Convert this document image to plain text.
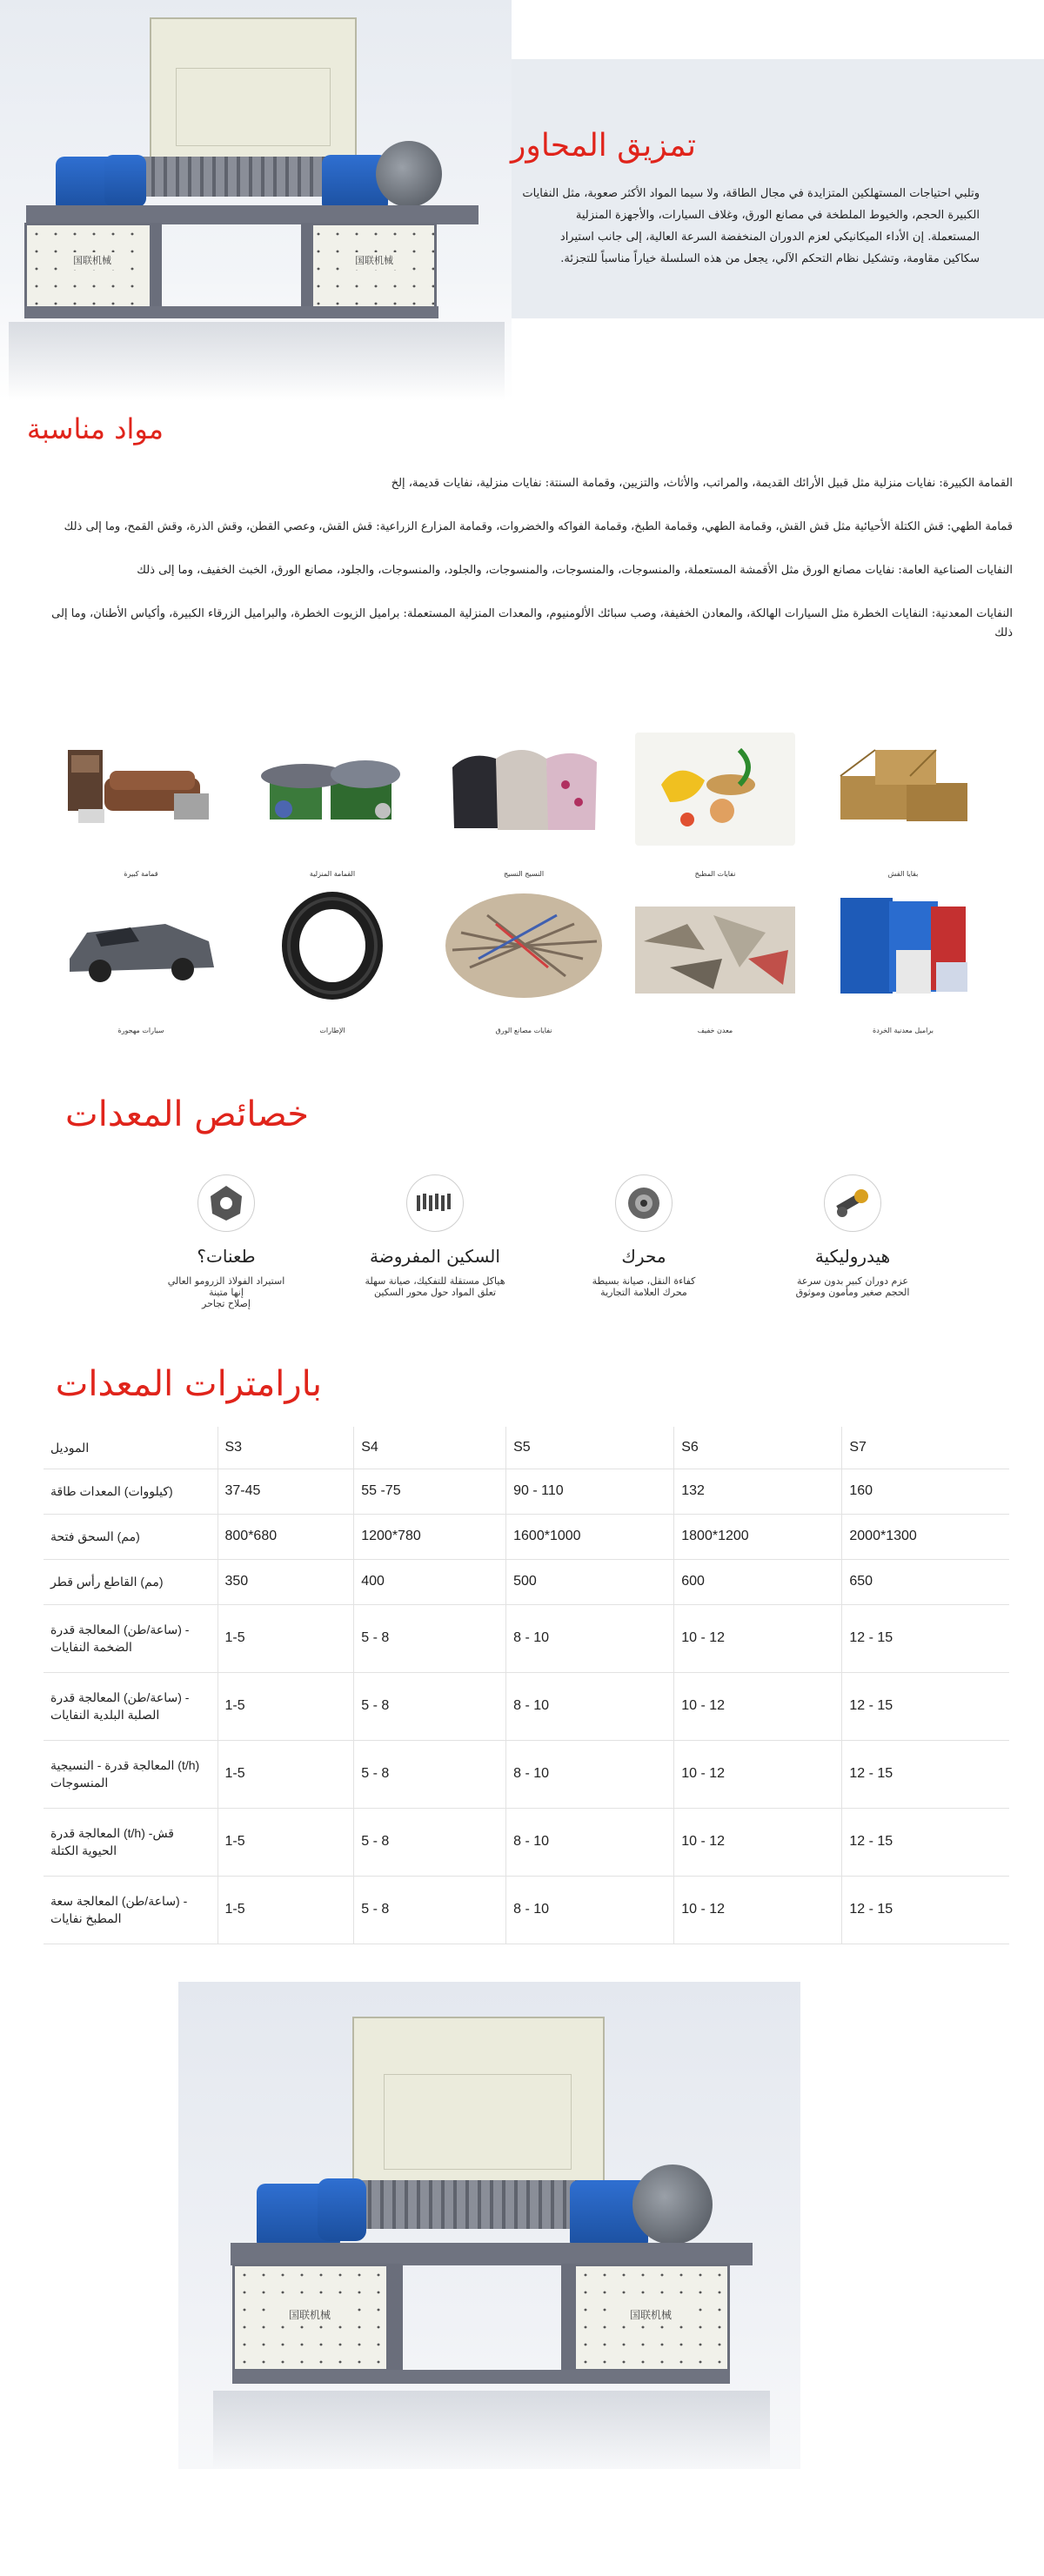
国联机械	国联机械
تمزيق المحاور

وتلبي احتياجات المستهلكين المتزايدة في مجال الطاقة، ولا سيما المواد الأكثر صعوبة، مثل النفايات الكبيرة الحجم، والخيوط الملطخة في مصانع الورق، وغلاف السيارات، والأجهزة المنزلية المستعملة. إن الأداء الميكانيكي لعزم الدوران المنخفضة السرعة العالية، إلى جانب استيراد سكاكين مقاومة، وتشكيل نظام التحكم الآلي، يجعل من هذه السلسلة خياراً مناسباً للتجزئة.

مواد مناسبة

القمامة الكبيرة: نفايات منزلية مثل قبيل الأرائك القديمة، والمراتب، والأثاث، والتزيين، وقمامة السنتة: نفايات منزلية، نفايات قديمة، إلخ

قمامة الطهي: قش الكتلة الأحيائية مثل قش القش، وقمامة الطهي، وقمامة الطبخ، وقمامة الفواكه والخضروات، وقمامة المزارع الزراعية: قش القش، وعصي القطن، وقش الذرة، وقش القمح، وما إلى ذلك

النفايات الصناعية العامة: نفايات مصانع الورق مثل الأقمشة المستعملة، والمنسوجات، والمنسوجات، والمنسوجات، والجلود، والمنسوجات، والجلود، مصانع الورق، الخبث الخفيف، وما إلى ذلك

النفايات المعدنية: النفايات الخطرة مثل السيارات الهالكة، والمعادن الخفيفة، وصب سبائك الألومنيوم، والمعدات المنزلية المستعملة: براميل الزيوت الخطرة، والبراميل الزرقاء الكبيرة، وأكياس الأطنان، وما إلى ذلك

قمامة كبيرة	القمامة المنزلية	النسيج النسيج	نفايات المطبخ	بقايا القش
سيارات مهجورة	الإطارات	نفايات مصانع الورق	معدن خفيف	براميل معدنية الخردة
خصائص المعدات
طعنات؟
استيراد الفولاذ الزرومو العالي
إنها متينة
إصلاح تجاحر
السكين المفروضة
هياكل مستقلة للتفكيك، صيانة سهلة
تعلق المواد حول محور السكين
محرك
كفاءة النقل، صيانة بسيطة
محرك العلامة التجارية
هيدروليكية
عزم دوران كبير بدون سرعة
الحجم صغير ومأمون وموثوق
بارامترات المعدات
الموديل	S3	S4	S5	S6	S7
(كيلووات) المعدات طاقة	37-45	55 -75	90 - 110	132	160
(مم) السحق فتحة	800*680	1200*780	1600*1000	1800*1200	2000*1300
(مم) القاطع رأس قطر	350	400	500	600	650
- (ساعة/طن) المعالجة قدرة الضخمة النفايات	1-5	5 - 8	8 - 10	10 - 12	12 - 15
- (ساعة/طن) المعالجة قدرة الصلبة البلدية النفايات	1-5	5 - 8	8 - 10	10 - 12	12 - 15
(t/h) المعالجة قدرة - النسيجية المنسوجات	1-5	5 - 8	8 - 10	10 - 12	12 - 15
قش- (t/h) المعالجة قدرة الحيوية الكتلة	1-5	5 - 8	8 - 10	10 - 12	12 - 15
- (ساعة/طن) المعالجة سعة المطبخ نفايات	1-5	5 - 8	8 - 10	10 - 12	12 - 15
国联机械	国联机械
